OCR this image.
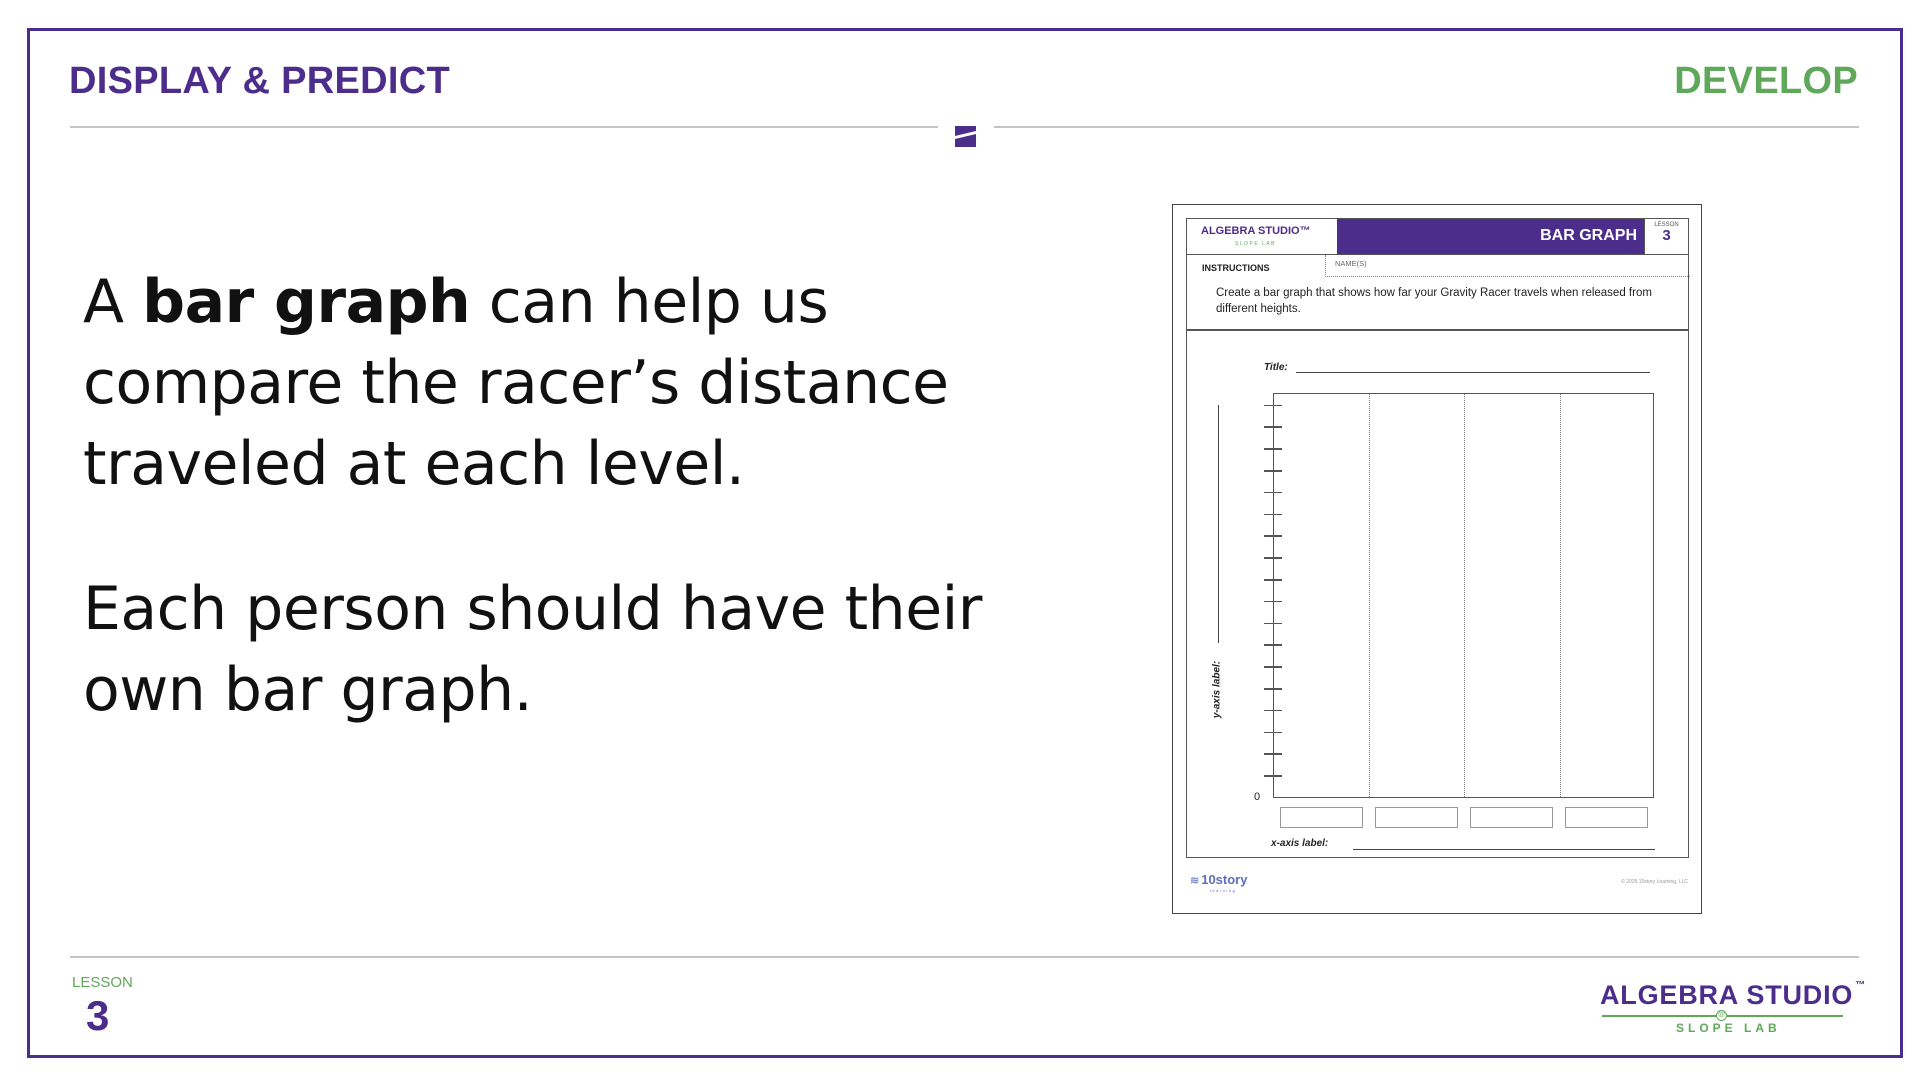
DISPLAY & PREDICT	DEVELOP

A bar graph can help us compare the racer’s distance traveled at each level.

Each person should have their own bar graph.

ALGEBRA STUDIO™
SLOPE LAB	BAR GRAPH
LESSON
3
INSTRUCTIONS	NAME(S)
Create a bar graph that shows how far your Gravity Racer travels when released from different heights.
Title:
y-axis label:
0
x-axis label:
≋ 10story
learning
© 2025 10story Learning, LLC
LESSON
3	ALGEBRA STUDIO ™
@
SLOPE LAB
